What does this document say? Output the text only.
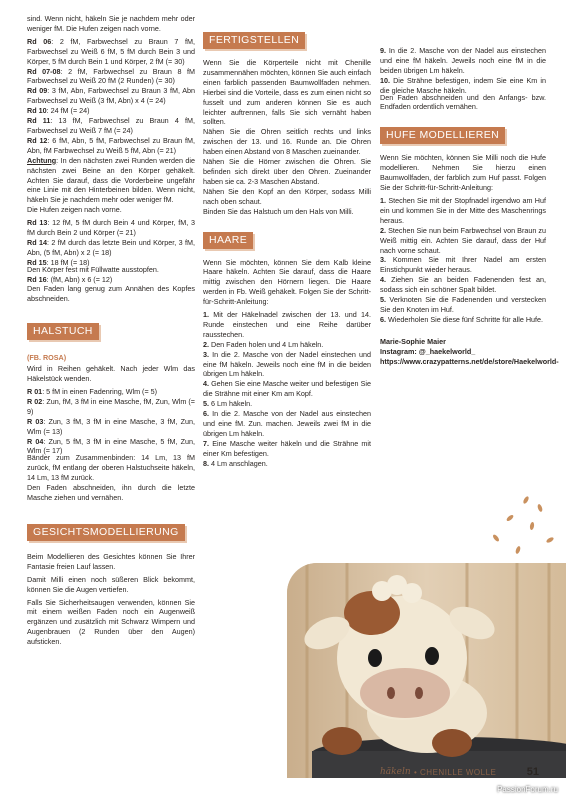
sind. Wenn nicht, häkeln Sie je nachdem mehr oder weniger fM. Die Hufen zeigen nach vorne.

Rd 06: 2 fM, Farbwechsel zu Braun 7 fM, Farbwechsel zu Weiß 6 fM, 5 fM durch Bein 3 und Körper, 5 fM durch Bein 1 und Körper, 2 fM (= 30)

Rd 07-08: 2 fM, Farbwechsel zu Braun 8 fM Farbwechsel zu Weiß 20 fM (2 Runden) (= 30)

Rd 09: 3 fM, Abn, Farbwechsel zu Braun 3 fM, Abn Farbwechsel zu Weiß (3 fM, Abn) x 4 (= 24)

Rd 10: 24 fM (= 24)

Rd 11: 13 fM, Farbwechsel zu Braun 4 fM, Farbwechsel zu Weiß 7 fM (= 24)

Rd 12: 6 fM, Abn, 5 fM, Farbwechsel zu Braun fM, Abn, fM Farbwechsel zu Weiß 5 fM, Abn (= 21)

Achtung: In den nächsten zwei Runden werden die nächsten zwei Beine an den Körper gehäkelt. Achten Sie darauf, dass die Vorderbeine ungefähr eine Linie mit den Hinterbeinen bilden. Wenn nicht, häkeln Sie je nachdem mehr oder weniger fM.

Die Hufen zeigen nach vorne.

Rd 13: 12 fM, 5 fM durch Bein 4 und Körper, fM, 3 fM durch Bein 2 und Körper (= 21)

Rd 14: 2 fM durch das letzte Bein und Körper, 3 fM, Abn, (5 fM, Abn) x 2 (= 18)

Rd 15: 18 fM (= 18)

Den Körper fest mit Füllwatte ausstopfen.

Rd 16: (fM, Abn) x 6 (= 12)

Den Faden lang genug zum Annähen des Kopfes abschneiden.

HALSTUCH
(FB. ROSA)

Wird in Reihen gehäkelt. Nach jeder Wlm das Häkelstück wenden.

R 01: 5 fM in einen Fadenring, Wlm (= 5)

R 02: Zun, fM, 3 fM in eine Masche, fM, Zun, Wlm (= 9)

R 03: Zun, 3 fM, 3 fM in eine Masche, 3 fM, Zun, Wlm (= 13)

R 04: Zun, 5 fM, 3 fM in eine Masche, 5 fM, Zun, Wlm (= 17)

Bänder zum Zusammenbinden: 14 Lm, 13 fM zurück, fM entlang der oberen Halstuchseite häkeln, 14 Lm, 13 fM zurück.

Den Faden abschneiden, ihn durch die letzte Masche ziehen und vernähen.

GESICHTSMODELLIERUNG

Beim Modellieren des Gesichtes können Sie Ihrer Fantasie freien Lauf lassen.

Damit Milli einen noch süßeren Blick bekommt, können Sie die Augen vertiefen.

Falls Sie Sicherheitsaugen verwenden, können Sie mit einem weißen Faden noch ein Augenweiß ergänzen und zusätzlich mit Schwarz Wimpern und Augenbrauen (2 Runden über den Augen) aufsticken.

FERTIGSTELLEN

Wenn Sie die Körperteile nicht mit Chenille zusammennähen möchten, können Sie auch einfach einen farblich passenden Baumwollfaden nehmen. Hierbei sind die Vorteile, dass es zum einen nicht so fusselt und zum anderen können Sie es auch leichter auftrennen, falls Sie sich vernäht haben sollten.

Nähen Sie die Ohren seitlich rechts und links zwischen der 13. und 16. Runde an. Die Ohren haben einen Abstand von 8 Maschen zueinander.

Nähen Sie die Hörner zwischen die Ohren. Sie befinden sich direkt über den Ohren. Zueinander haben sie ca. 2-3 Maschen Abstand.

Nähen Sie den Kopf an den Körper, sodass Milli nach oben schaut.

Binden Sie das Halstuch um den Hals von Milli.

HAARE

Wenn Sie möchten, können Sie dem Kalb kleine Haare häkeln. Achten Sie darauf, dass die Haare mittig zwischen den Hörnern liegen. Die Haare werden in Fb. Weiß gehäkelt. Folgen Sie der Schritt-für-Schritt-Anleitung:

1. Mit der Häkelnadel zwischen der 13. und 14. Runde einstechen und eine Reihe darüber rausstechen.

2. Den Faden holen und 4 Lm häkeln.

3. In die 2. Masche von der Nadel einstechen und eine fM häkeln. Jeweils noch eine fM in die beiden übrigen Lm häkeln.

4. Gehen Sie eine Masche weiter und befestigen Sie die Strähne mit einer Km am Kopf.

5. 6 Lm häkeln.

6. In die 2. Masche von der Nadel aus einstechen und eine fM. Zun. machen. Jeweils zwei fM in die übrigen Lm häkeln.

7. Eine Masche weiter häkeln und die Strähne mit einer Km befestigen.

8. 4 Lm anschlagen.

9. In die 2. Masche von der Nadel aus einstechen und eine fM häkeln. Jeweils noch eine fM in die beiden übrigen Lm häkeln.

10. Die Strähne befestigen, indem Sie eine Km in die gleiche Masche häkeln.

Den Faden abschneiden und den Anfangs- bzw. Endfaden ordentlich vernähen.

HUFE MODELLIEREN

Wenn Sie möchten, können Sie Milli noch die Hufe modellieren. Nehmen Sie hierzu einen Baumwollfaden, der farblich zum Huf passt. Folgen Sie der Schritt-für-Schritt-Anleitung:

1. Stechen Sie mit der Stopfnadel irgendwo am Huf ein und kommen Sie in der Mitte des Maschenrings heraus.

2. Stechen Sie nun beim Farbwechsel von Braun zu Weiß mittig ein. Achten Sie darauf, dass der Huf nach vorne schaut.

3. Kommen Sie mit Ihrer Nadel am ersten Einstichpunkt wieder heraus.

4. Ziehen Sie an beiden Fadenenden fest an, sodass sich ein schöner Spalt bildet.

5. Verknoten Sie die Fadenenden und verstecken Sie den Knoten im Huf.

6. Wiederholen Sie diese fünf Schritte für alle Hufe.

Marie-Sophie Maier
Instagram: @_haekelworld_
https://www.crazypatterns.net/de/store/Haekelworld-

häkeln • CHENILLE WOLLE	51
PassionForum.ru
